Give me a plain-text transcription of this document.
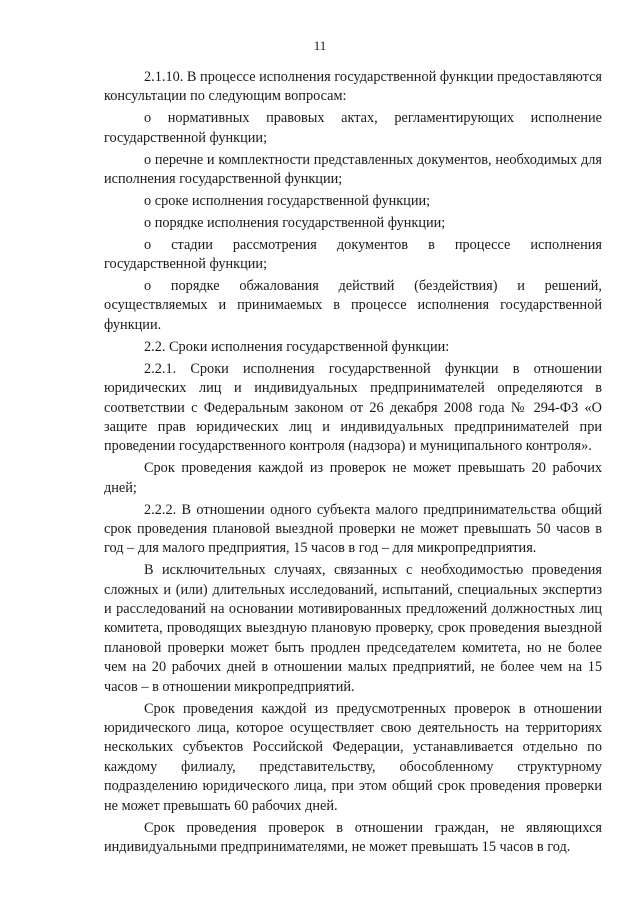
11

2.1.10. В процессе исполнения государственной функции предоставляются консультации по следующим вопросам:

о нормативных правовых актах, регламентирующих исполнение государственной функции;

о перечне и комплектности представленных документов, необходимых для исполнения государственной функции;

о сроке исполнения государственной функции;

о порядке исполнения государственной функции;

о стадии рассмотрения документов в процессе исполнения государственной функции;

о порядке обжалования действий (бездействия) и решений, осуществляемых и принимаемых в процессе исполнения государственной функции.

2.2. Сроки исполнения государственной функции:

2.2.1. Сроки исполнения государственной функции в отношении юридических лиц и индивидуальных предпринимателей определяются в соответствии с Федеральным законом от 26 декабря 2008 года № 294-ФЗ «О защите прав юридических лиц и индивидуальных предпринимателей при проведении государственного контроля (надзора) и муниципального контроля».

Срок проведения каждой из проверок не может превышать 20 рабочих дней;

2.2.2. В отношении одного субъекта малого предпринимательства общий срок проведения плановой выездной проверки не может превышать 50 часов в год – для малого предприятия, 15 часов в год – для микропредприятия.

В исключительных случаях, связанных с необходимостью проведения сложных и (или) длительных исследований, испытаний, специальных экспертиз и расследований на основании мотивированных предложений должностных лиц комитета, проводящих выездную плановую проверку, срок проведения выездной плановой проверки может быть продлен председателем комитета, но не более чем на 20 рабочих дней в отношении малых предприятий, не более чем на 15 часов – в отношении микропредприятий.

Срок проведения каждой из предусмотренных проверок в отношении юридического лица, которое осуществляет свою деятельность на территориях нескольких субъектов Российской Федерации, устанавливается отдельно по каждому филиалу, представительству, обособленному структурному подразделению юридического лица, при этом общий срок проведения проверки не может превышать 60 рабочих дней.

Срок проведения проверок в отношении граждан, не являющихся индивидуальными предпринимателями, не может превышать 15 часов в год.
